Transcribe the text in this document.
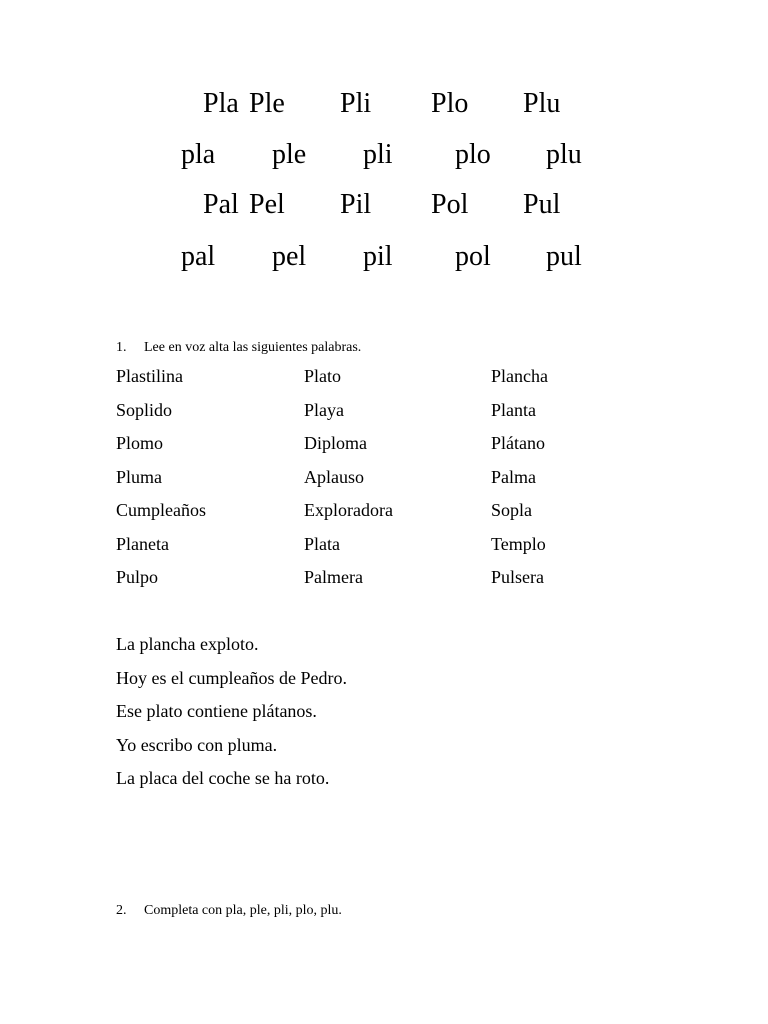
Pla Ple Pli Plo Plu
pla ple pli plo plu
Pal Pel Pil Pol Pul
pal pel pil pol pul
1. Lee en voz alta las siguientes palabras.
Plastilina	Plato	Plancha
Soplido	Playa	Planta
Plomo	Diploma	Plátano
Pluma	Aplauso	Palma
Cumpleaños	Exploradora	Sopla
Planeta	Plata	Templo
Pulpo	Palmera	Pulsera
La plancha exploto.
Hoy es el cumpleaños de Pedro.
Ese plato contiene plátanos.
Yo escribo con pluma.
La placa del coche se ha roto.
2. Completa con pla, ple, pli, plo, plu.
